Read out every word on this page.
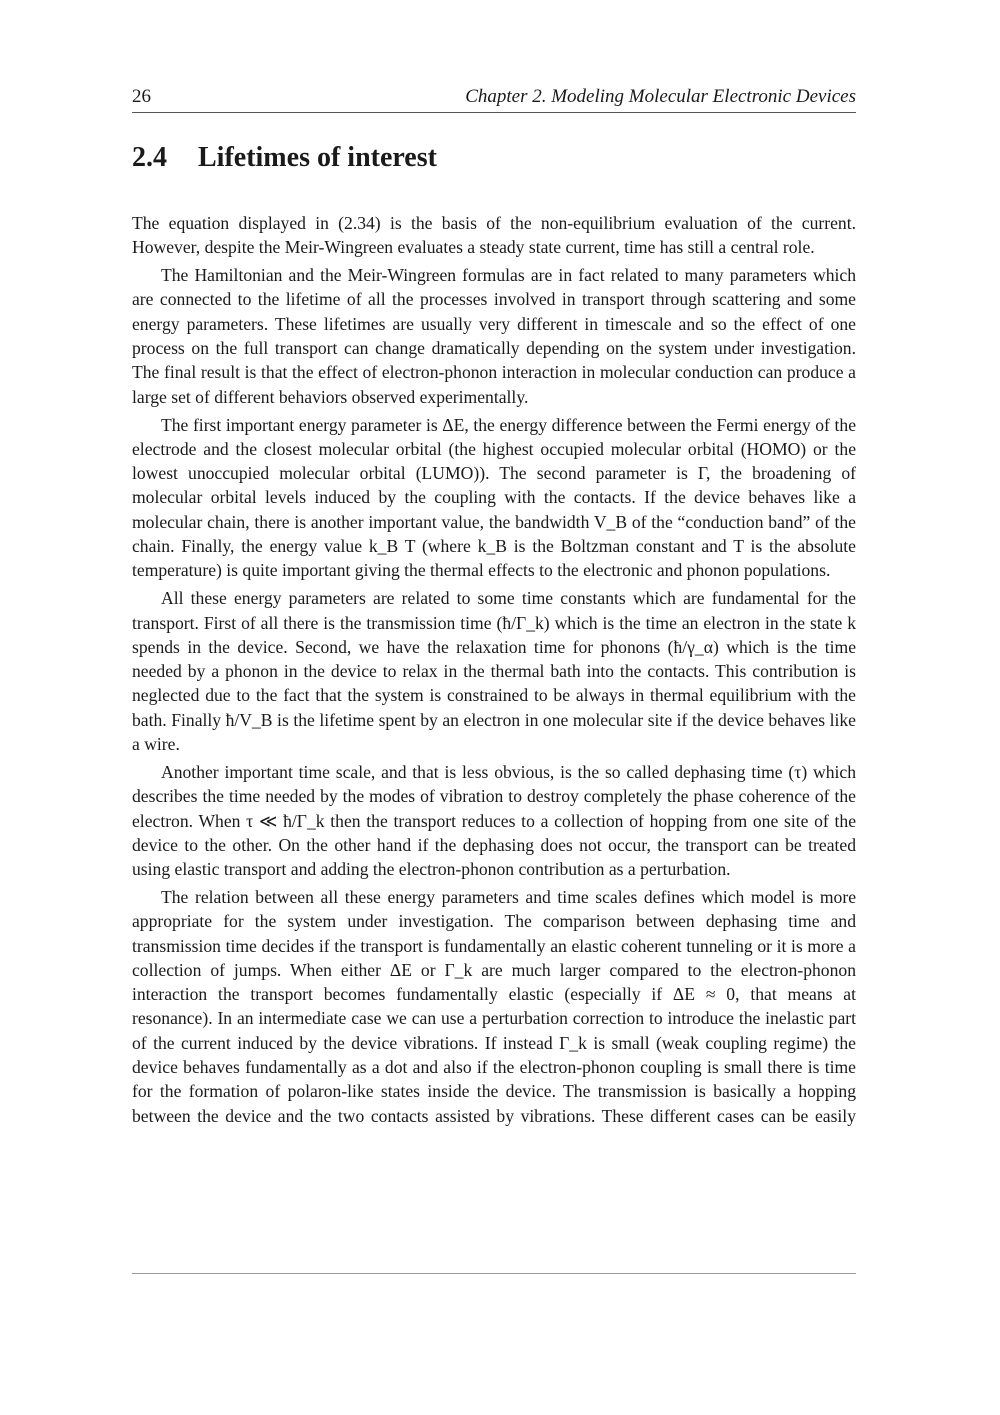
26	Chapter 2. Modeling Molecular Electronic Devices
2.4	Lifetimes of interest

The equation displayed in (2.34) is the basis of the non-equilibrium evaluation of the current. However, despite the Meir-Wingreen evaluates a steady state current, time has still a central role.

The Hamiltonian and the Meir-Wingreen formulas are in fact related to many parameters which are connected to the lifetime of all the processes involved in transport through scattering and some energy parameters. These lifetimes are usually very different in timescale and so the effect of one process on the full transport can change dramatically depending on the system under investigation. The final result is that the effect of electron-phonon interaction in molecular conduction can produce a large set of different behaviors observed experimentally.

The first important energy parameter is ΔE, the energy difference between the Fermi energy of the electrode and the closest molecular orbital (the highest occupied molecular orbital (HOMO) or the lowest unoccupied molecular orbital (LUMO)). The second parameter is Γ, the broadening of molecular orbital levels induced by the coupling with the contacts. If the device behaves like a molecular chain, there is another important value, the bandwidth V_B of the “conduction band” of the chain. Finally, the energy value k_B T (where k_B is the Boltzman constant and T is the absolute temperature) is quite important giving the thermal effects to the electronic and phonon populations.

All these energy parameters are related to some time constants which are fundamental for the transport. First of all there is the transmission time (ħ/Γ_k) which is the time an electron in the state k spends in the device. Second, we have the relaxation time for phonons (ħ/γ_α) which is the time needed by a phonon in the device to relax in the thermal bath into the contacts. This contribution is neglected due to the fact that the system is constrained to be always in thermal equilibrium with the bath. Finally ħ/V_B is the lifetime spent by an electron in one molecular site if the device behaves like a wire.

Another important time scale, and that is less obvious, is the so called dephasing time (τ) which describes the time needed by the modes of vibration to destroy completely the phase coherence of the electron. When τ ≪ ħ/Γ_k then the transport reduces to a collection of hopping from one site of the device to the other. On the other hand if the dephasing does not occur, the transport can be treated using elastic transport and adding the electron-phonon contribution as a perturbation.

The relation between all these energy parameters and time scales defines which model is more appropriate for the system under investigation. The comparison between dephasing time and transmission time decides if the transport is fundamentally an elastic coherent tunneling or it is more a collection of jumps. When either ΔE or Γ_k are much larger compared to the electron-phonon interaction the transport becomes fundamentally elastic (especially if ΔE ≈ 0, that means at resonance). In an intermediate case we can use a perturbation correction to introduce the inelastic part of the current induced by the device vibrations. If instead Γ_k is small (weak coupling regime) the device behaves fundamentally as a dot and also if the electron-phonon coupling is small there is time for the formation of polaron-like states inside the device. The transmission is basically a hopping between the device and the two contacts assisted by vibrations. These different cases can be easily
